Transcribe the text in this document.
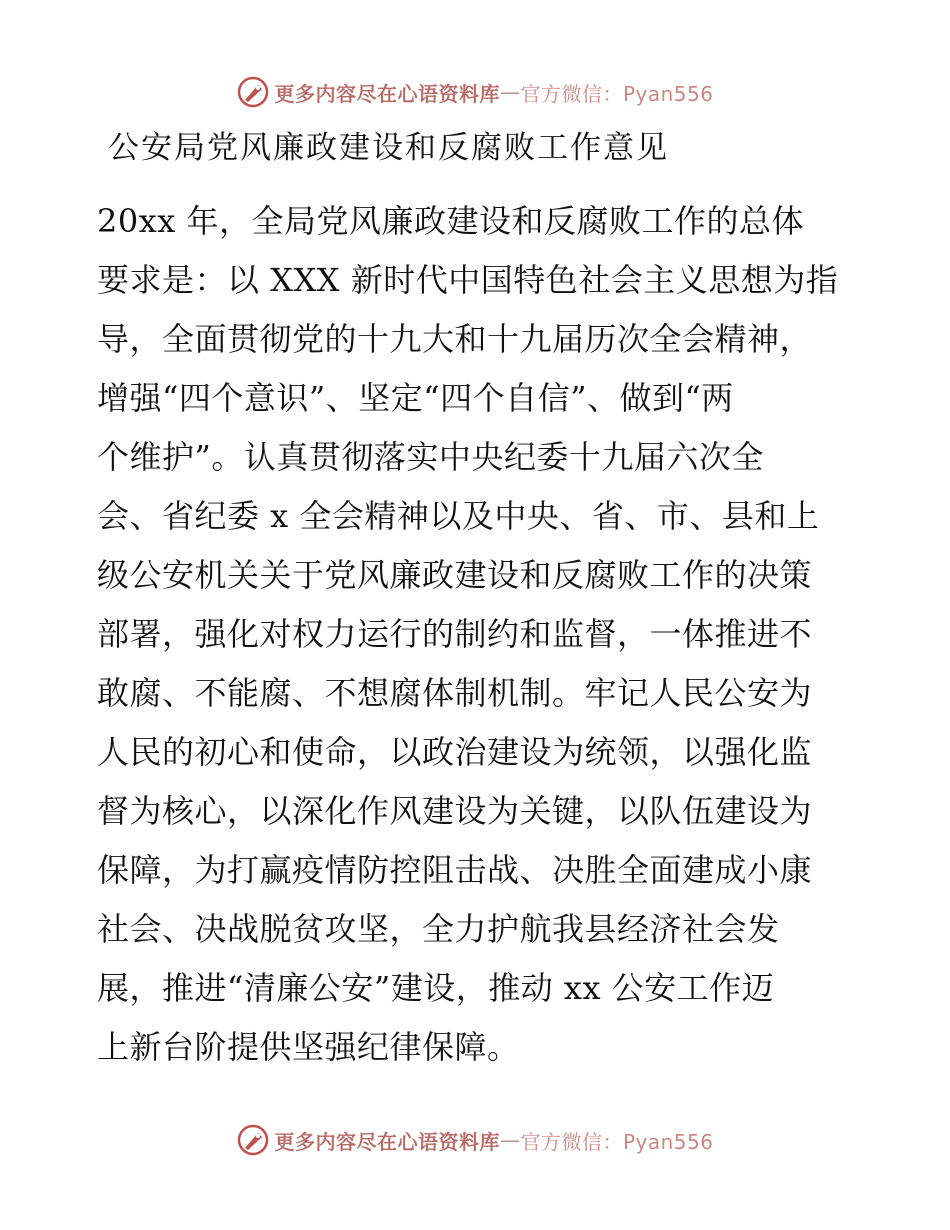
更多内容尽在心语资料库 — 官方微信：Pyan556
公安局党风廉政建设和反腐败工作意见
20xx 年，全局党风廉政建设和反腐败工作的总体
要求是：以 XXX 新时代中国特色社会主义思想为指
导，全面贯彻党的十九大和十九届历次全会精神，
增强“四个意识”、坚定“四个自信”、做到“两
个维护”。认真贯彻落实中央纪委十九届六次全
会、省纪委 x 全会精神以及中央、省、市、县和上
级公安机关关于党风廉政建设和反腐败工作的决策
部署，强化对权力运行的制约和监督，一体推进不
敢腐、不能腐、不想腐体制机制。牢记人民公安为
人民的初心和使命，以政治建设为统领，以强化监
督为核心，以深化作风建设为关键，以队伍建设为
保障，为打赢疫情防控阻击战、决胜全面建成小康
社会、决战脱贫攻坚，全力护航我县经济社会发
展，推进“清廉公安”建设，推动 xx 公安工作迈
上新台阶提供坚强纪律保障。
更多内容尽在心语资料库 — 官方微信：Pyan556
